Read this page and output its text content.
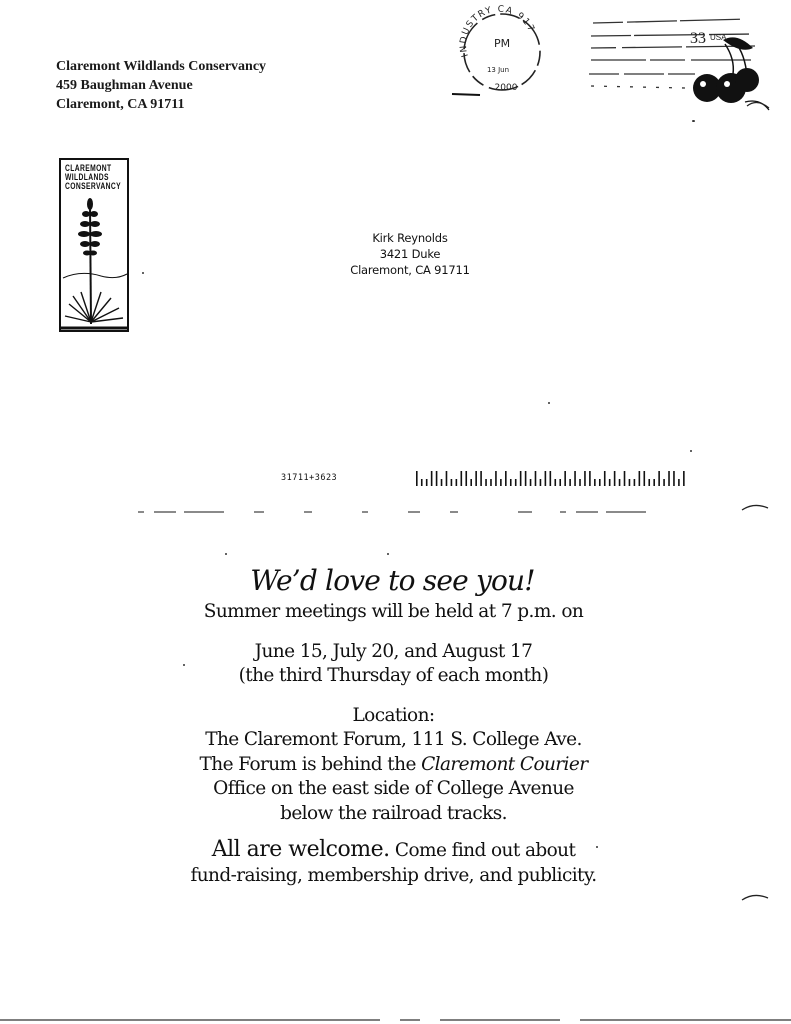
Claremont Wildlands Conservancy
459 Baughman Avenue
Claremont, CA 91711
INDUSTRY CA 917
PM
13 Jun
2000
33 USA
CLAREMONT
WILDLANDS
CONSERVANCY
Kirk Reynolds
3421 Duke
Claremont, CA 91711
31711+3623
We’d love to see you!
Summer meetings will be held at 7 p.m. on
June 15, July 20, and August 17
(the third Thursday of each month)
Location:
The Claremont Forum, 111 S. College Ave.
The Forum is behind the Claremont Courier
Office on the east side of College Avenue
below the railroad tracks.
All are welcome. Come find out about
fund-raising, membership drive, and publicity.
